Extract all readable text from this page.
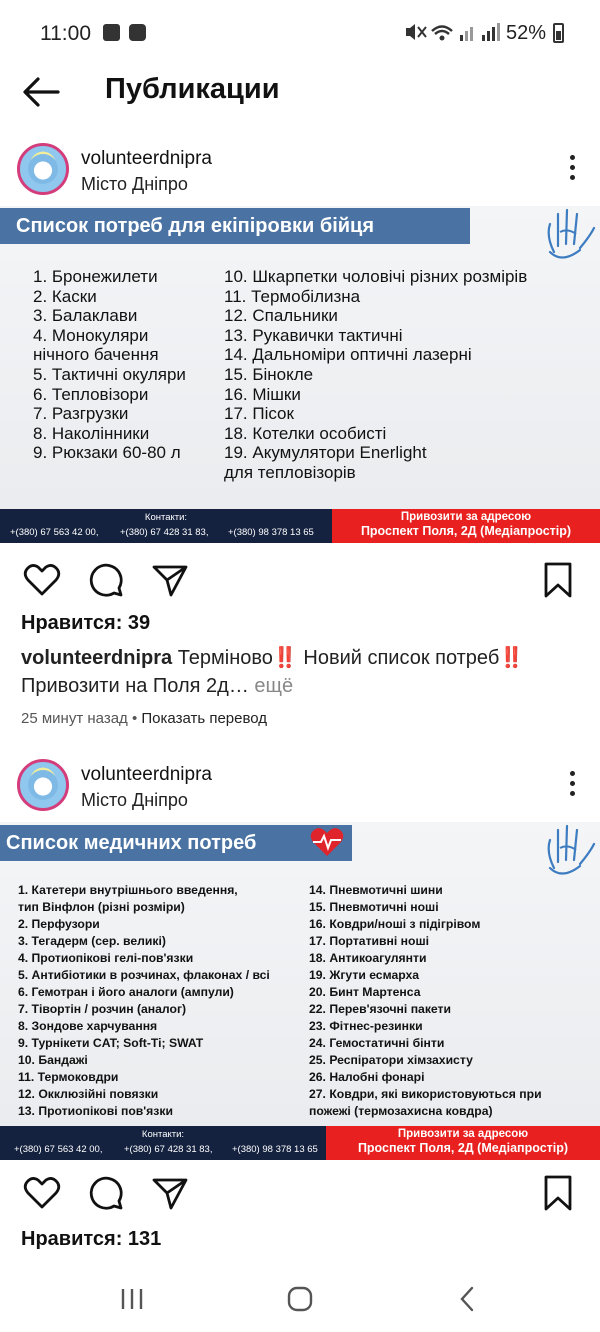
11:00	52%
Публикации
volunteerdnipra
Місто Дніпро
Список потреб для екіпіровки бійця
1. Бронежилети
2. Каски
3. Балаклави
4. Монокуляри
нічного бачення
5. Тактичні окуляри
6. Тепловізори
7. Разгрузки
8. Наколінники
9. Рюкзаки 60-80 л
10. Шкарпетки чоловічі різних розмірів
11. Термобілизна
12. Спальники
13. Рукавички тактичні
14. Дальноміри оптичні лазерні
15. Бінокле
16. Мішки
17. Пісок
18. Котелки особисті
19. Акумулятори Enerlight
для тепловізорів
Контакти:
+(380) 67 563 42 00, +(380) 67 428 31 83, +(380) 98 378 13 65
Привозити за адресою
Проспект Поля, 2Д (Медіапростір)
Нравится: 39
volunteerdnipra Терміново‼️ Новий список потреб‼️ Привозити на Поля 2д… ещё
25 минут назад • Показать перевод
volunteerdnipra
Місто Дніпро
Список медичних потреб
1. Катетери внутрішнього введення,
тип Вінфлон (різні розміри)
2. Перфузори
3. Тегадерм (сер. великі)
4. Протиопікові гелі-пов'язки
5. Антибіотики в розчинах, флаконах / всі
6. Гемотран і його аналоги (ампули)
7. Тівортін / розчин (аналог)
8. Зондове харчування
9. Турнікети CAT; Soft-Ti; SWAT
10. Бандажі
11. Термоковдри
12. Окклюзійні повязки
13. Протиопікові пов'язки
14. Пневмотичні шини
15. Пневмотичні ноші
16. Ковдри/ноші з підігрівом
17. Портативні ноші
18. Антикоагулянти
19. Жгути есмарха
20. Бинт Мартенса
22. Перев'язочні пакети
23. Фітнес-резинки
24. Гемостатичні бінти
25. Респіратори хімзахисту
26. Налобні фонарі
27. Ковдри, які використовуються при
пожежі (термозахисна ковдра)
Контакти:
+(380) 67 563 42 00, +(380) 67 428 31 83, +(380) 98 378 13 65
Привозити за адресою
Проспект Поля, 2Д (Медіапростір)
Нравится: 131
